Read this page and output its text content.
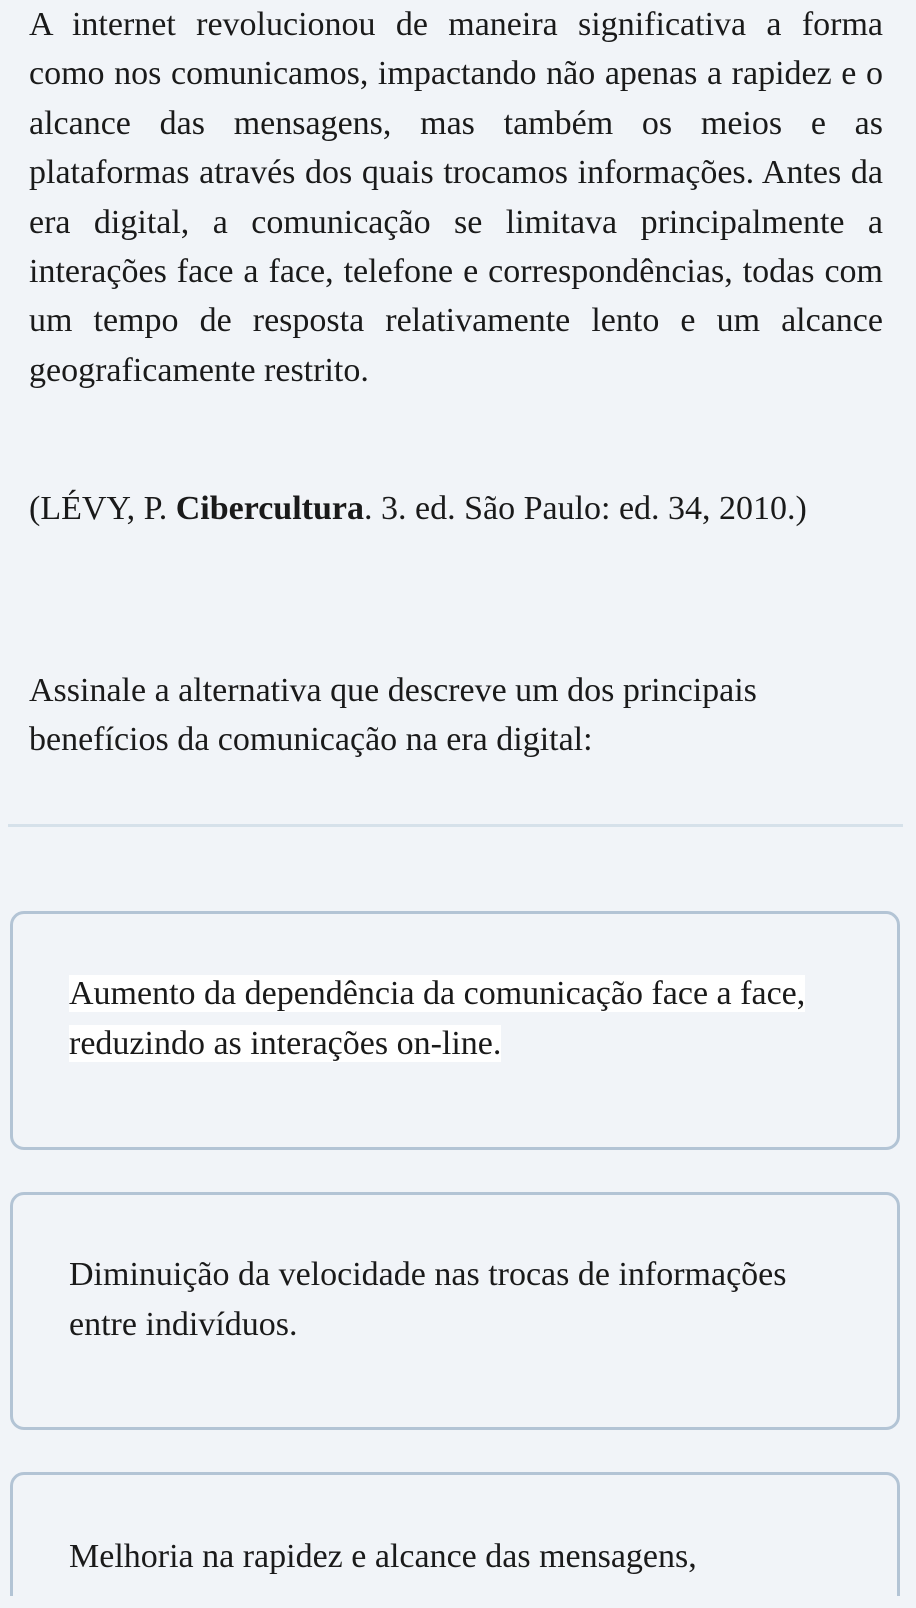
A internet revolucionou de maneira significativa a forma como nos comunicamos, impactando não apenas a rapidez e o alcance das mensagens, mas também os meios e as plataformas através dos quais trocamos informações. Antes da era digital, a comunicação se limitava principalmente a interações face a face, telefone e correspondências, todas com um tempo de resposta relativamente lento e um alcance geograficamente restrito.

(LÉVY, P. Cibercultura. 3. ed. São Paulo: ed. 34, 2010.)

Assinale a alternativa que descreve um dos principais benefícios da comunicação na era digital:

Aumento da dependência da comunicação face a face, reduzindo as interações on-line.
Diminuição da velocidade nas trocas de informações entre indivíduos.
Melhoria na rapidez e alcance das mensagens,
